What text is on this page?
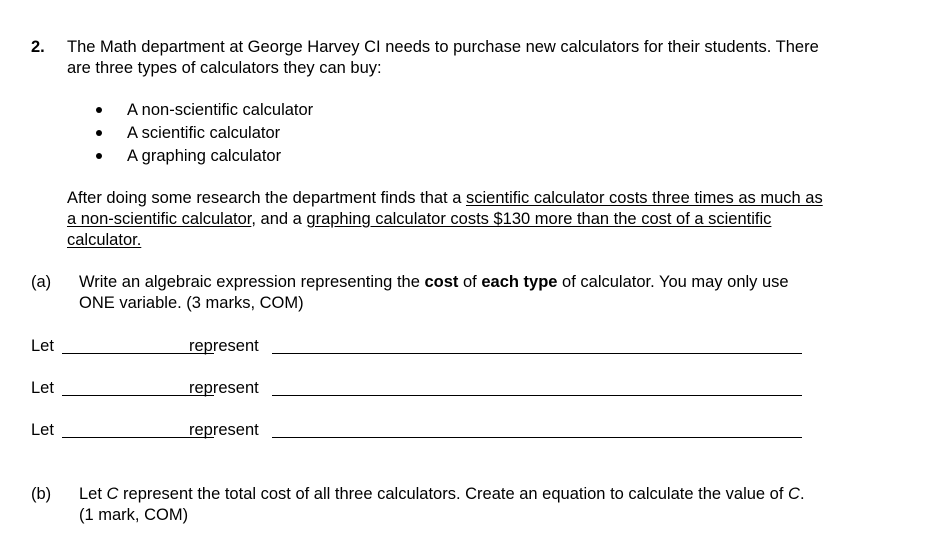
2. The Math department at George Harvey CI needs to purchase new calculators for their students. There
are three types of calculators they can buy:
A non-scientific calculator
A scientific calculator
A graphing calculator
After doing some research the department finds that a scientific calculator costs three times as much as
a non-scientific calculator, and a graphing calculator costs $130 more than the cost of a scientific
calculator.
(a) Write an algebraic expression representing the cost of each type of calculator. You may only use
ONE variable. (3 marks, COM)
Let	represent
Let	represent
Let	represent
(b) Let C represent the total cost of all three calculators. Create an equation to calculate the value of C.
(1 mark, COM)
